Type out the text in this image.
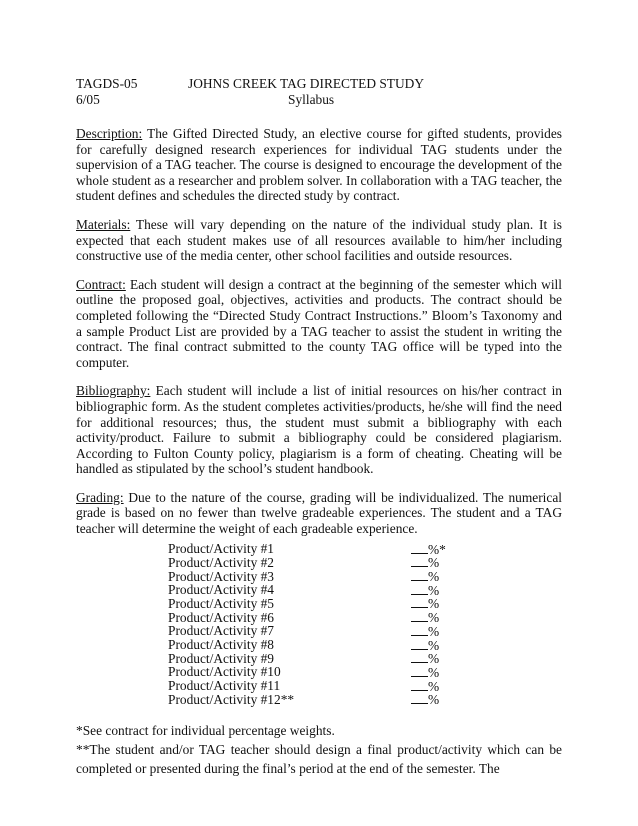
TAGDS-05	JOHNS CREEK TAG DIRECTED STUDY
6/05	Syllabus

Description: The Gifted Directed Study, an elective course for gifted students, provides for carefully designed research experiences for individual TAG students under the supervision of a TAG teacher. The course is designed to encourage the development of the whole student as a researcher and problem solver. In collaboration with a TAG teacher, the student defines and schedules the directed study by contract.

Materials: These will vary depending on the nature of the individual study plan. It is expected that each student makes use of all resources available to him/her including constructive use of the media center, other school facilities and outside resources.

Contract: Each student will design a contract at the beginning of the semester which will outline the proposed goal, objectives, activities and products. The contract should be completed following the “Directed Study Contract Instructions.” Bloom’s Taxonomy and a sample Product List are provided by a TAG teacher to assist the student in writing the contract. The final contract submitted to the county TAG office will be typed into the computer.

Bibliography: Each student will include a list of initial resources on his/her contract in bibliographic form. As the student completes activities/products, he/she will find the need for additional resources; thus, the student must submit a bibliography with each activity/product. Failure to submit a bibliography could be considered plagiarism. According to Fulton County policy, plagiarism is a form of cheating. Cheating will be handled as stipulated by the school’s student handbook.

Grading: Due to the nature of the course, grading will be individualized. The numerical grade is based on no fewer than twelve gradeable experiences. The student and a TAG teacher will determine the weight of each gradeable experience.

Product/Activity #1	%*
Product/Activity #2	%
Product/Activity #3	%
Product/Activity #4	%
Product/Activity #5	%
Product/Activity #6	%
Product/Activity #7	%
Product/Activity #8	%
Product/Activity #9	%
Product/Activity #10	%
Product/Activity #11	%
Product/Activity #12**	%

*See contract for individual percentage weights.

**The student and/or TAG teacher should design a final product/activity which can be completed or presented during the final’s period at the end of the semester. The
